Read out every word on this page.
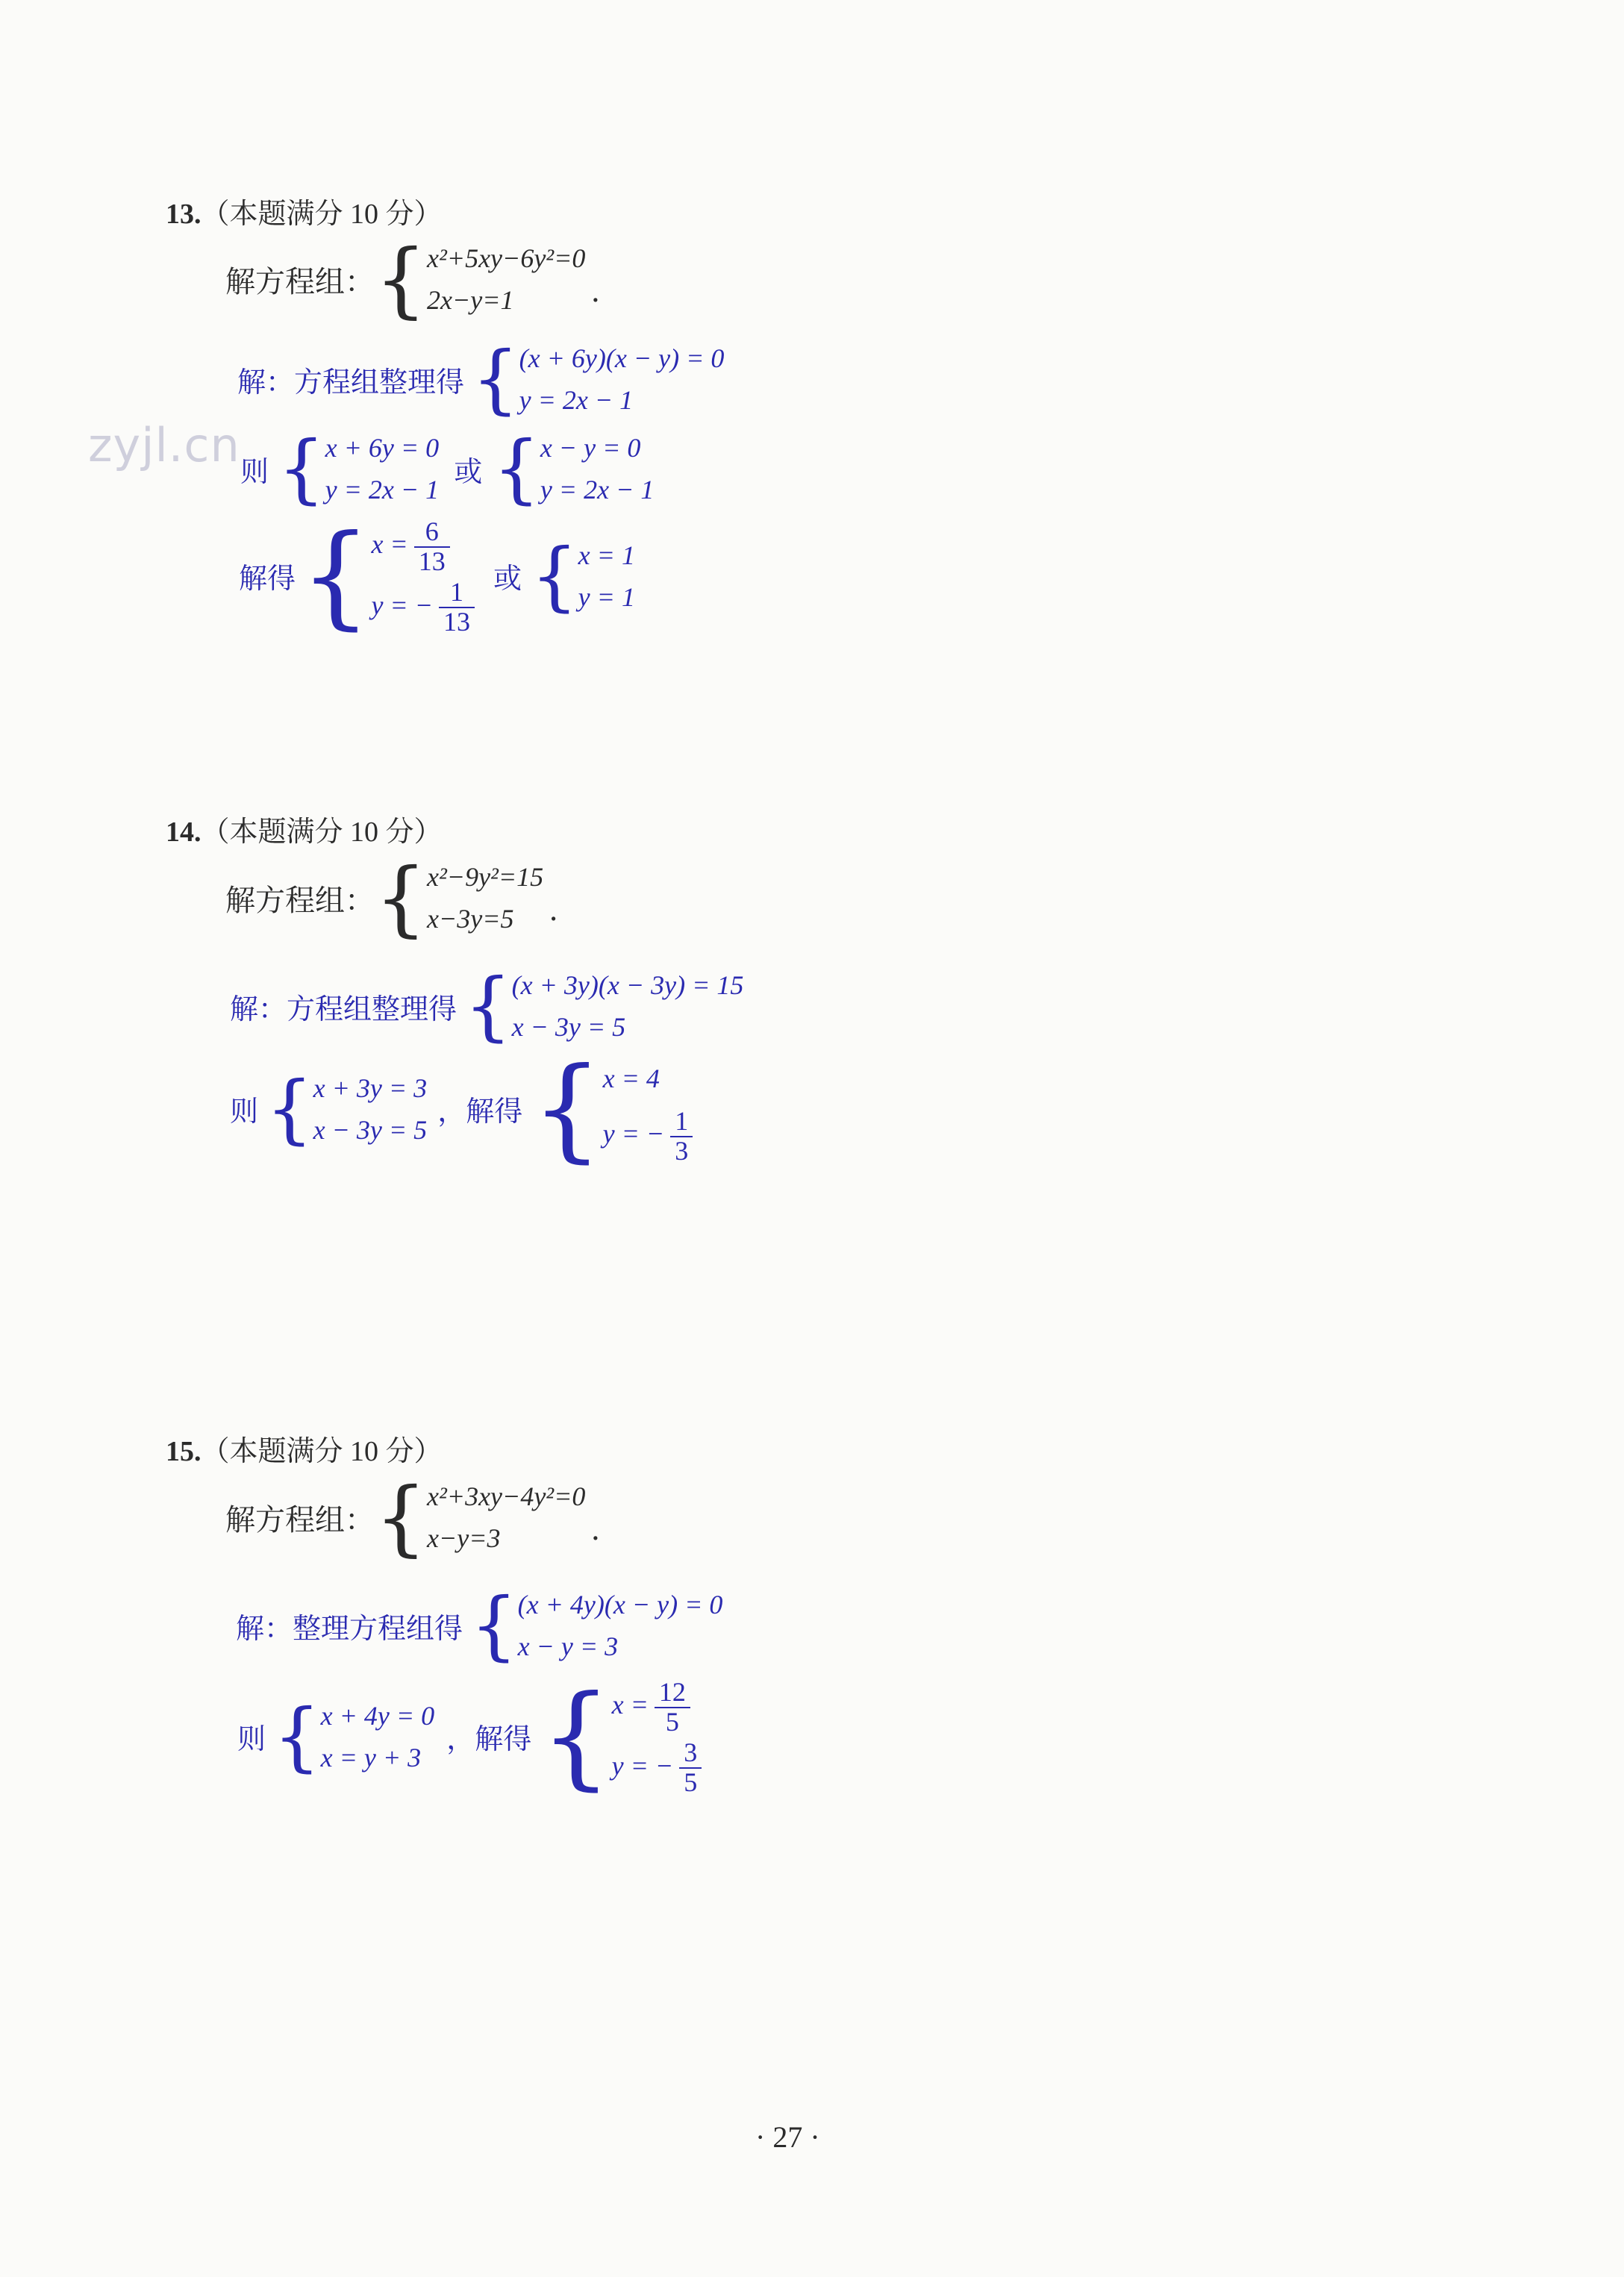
13.（本题满分 10 分）
解方程组： { x²+5xy−6y²=0
2x−y=1	.
解：方程组整理得 { (x + 6y)(x − y) = 0
y = 2x − 1
zyjl.cn 则 { x + 6y = 0
y = 2x − 1
或 { x − y = 0
y = 2x − 1
解得 { $x = \frac{6}{13}$
y = − $\frac{1}{13}$ 或 { x = 1
y = 1
14.（本题满分 10 分）
解方程组： { x²−9y²=15
x−3y=5	.
解：方程组整理得 { (x + 3y)(x − 3y) = 15
x − 3y = 5
则 { x + 3y = 3
x − 3y = 5
，解得 { x = 4
y = − $\frac{1}{3}$
15.（本题满分 10 分）
解方程组： { x²+3xy−4y²=0
x−y=3	.
解：整理方程组得 { (x + 4y)(x − y) = 0
x − y = 3
则 { x + 4y = 0
x = y + 3
，解得 { $x = \frac{12}{5}$
y = − $\frac{3}{5}$
· 27 ·
